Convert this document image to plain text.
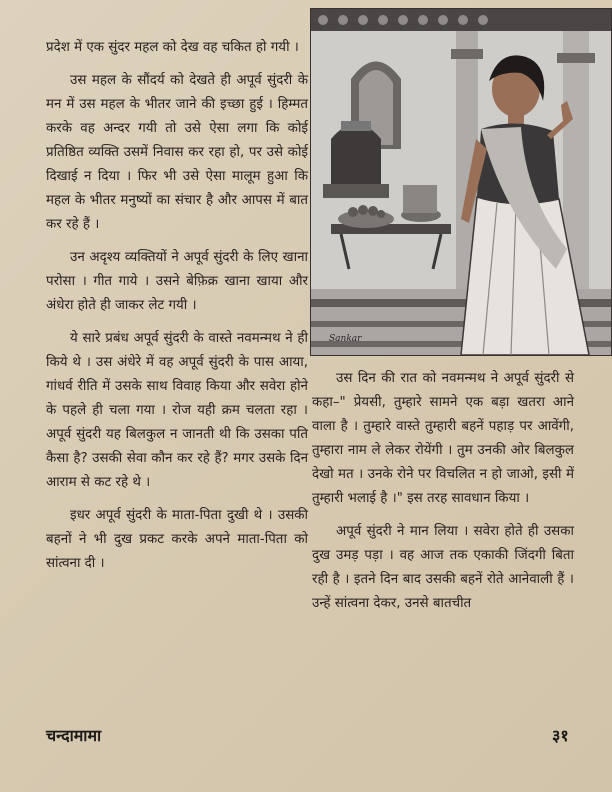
प्रदेश में एक सुंदर महल को देख वह चकित हो गयी ।

उस महल के सौंदर्य को देखते ही अपूर्व सुंदरी के मन में उस महल के भीतर जाने की इच्छा हुई । हिम्मत करके वह अन्दर गयी तो उसे ऐसा लगा कि कोई प्रतिष्ठित व्यक्ति उसमें निवास कर रहा हो, पर उसे कोई दिखाई न दिया । फिर भी उसे ऐसा मालूम हुआ कि महल के भीतर मनुष्यों का संचार है और आपस में बात कर रहे हैं ।

उन अदृश्य व्यक्तियों ने अपूर्व सुंदरी के लिए खाना परोसा । गीत गाये । उसने बेफ़िक्र खाना खाया और अंधेरा होते ही जाकर लेट गयी ।

ये सारे प्रबंध अपूर्व सुंदरी के वास्ते नवमन्मथ ने ही किये थे । उस अंधेरे में वह अपूर्व सुंदरी के पास आया, गांधर्व रीति में उसके साथ विवाह किया और सवेरा होने के पहले ही चला गया । रोज यही क्रम चलता रहा । अपूर्व सुंदरी यह बिलकुल न जानती थी कि उसका पति कैसा है? उसकी सेवा कौन कर रहे हैं? मगर उसके दिन आराम से कट रहे थे ।

इधर अपूर्व सुंदरी के माता-पिता दुखी थे । उसकी बहनों ने भी दुख प्रकट करके अपने माता-पिता को सांत्वना दी ।

Sankar

उस दिन की रात को नवमन्मथ ने अपूर्व सुंदरी से कहा–" प्रेयसी, तुम्हारे सामने एक बड़ा खतरा आने वाला है । तुम्हारे वास्ते तुम्हारी बहनें पहाड़ पर आवेंगी, तुम्हारा नाम ले लेकर रोयेंगी । तुम उनकी ओर बिलकुल देखो मत । उनके रोने पर विचलित न हो जाओ, इसी में तुम्हारी भलाई है ।" इस तरह सावधान किया ।

अपूर्व सुंदरी ने मान लिया । सवेरा होते ही उसका दुख उमड़ पड़ा । वह आज तक एकाकी जिंदगी बिता रही है । इतने दिन बाद उसकी बहनें रोते आनेवाली हैं । उन्हें सांत्वना देकर, उनसे बातचीत

चन्दामामा	३१
